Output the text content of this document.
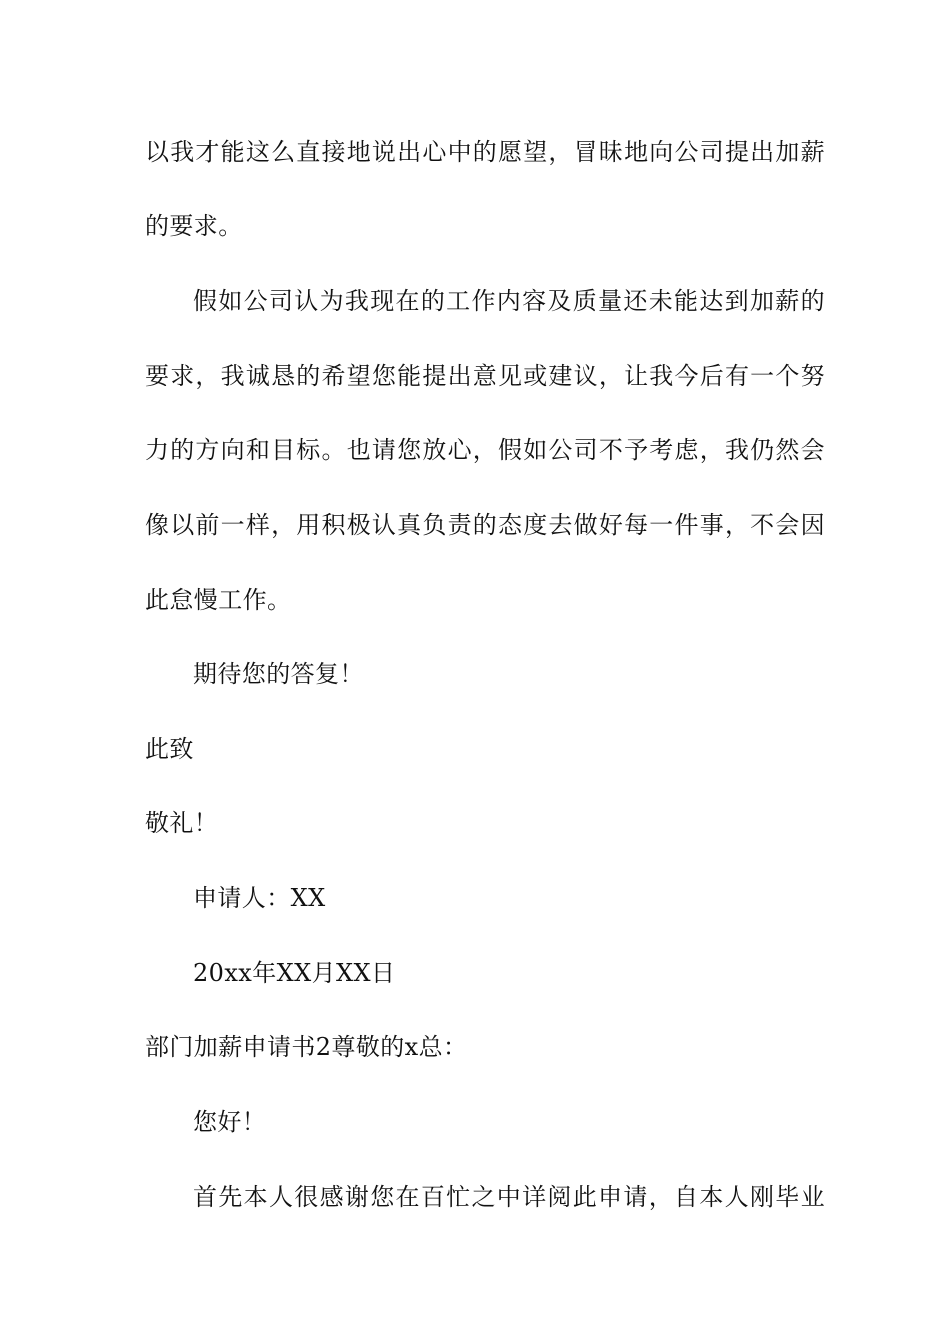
以我才能这么直接地说出心中的愿望，冒昧地向公司提出加薪
的要求。
假如公司认为我现在的工作内容及质量还未能达到加薪的
要求，我诚恳的希望您能提出意见或建议，让我今后有一个努
力的方向和目标。也请您放心，假如公司不予考虑，我仍然会
像以前一样，用积极认真负责的态度去做好每一件事，不会因
此怠慢工作。
期待您的答复！
此致
敬礼！
申请人：XX
20xx年XX月XX日
部门加薪申请书2尊敬的x总：
您好！
首先本人很感谢您在百忙之中详阅此申请，自本人刚毕业
